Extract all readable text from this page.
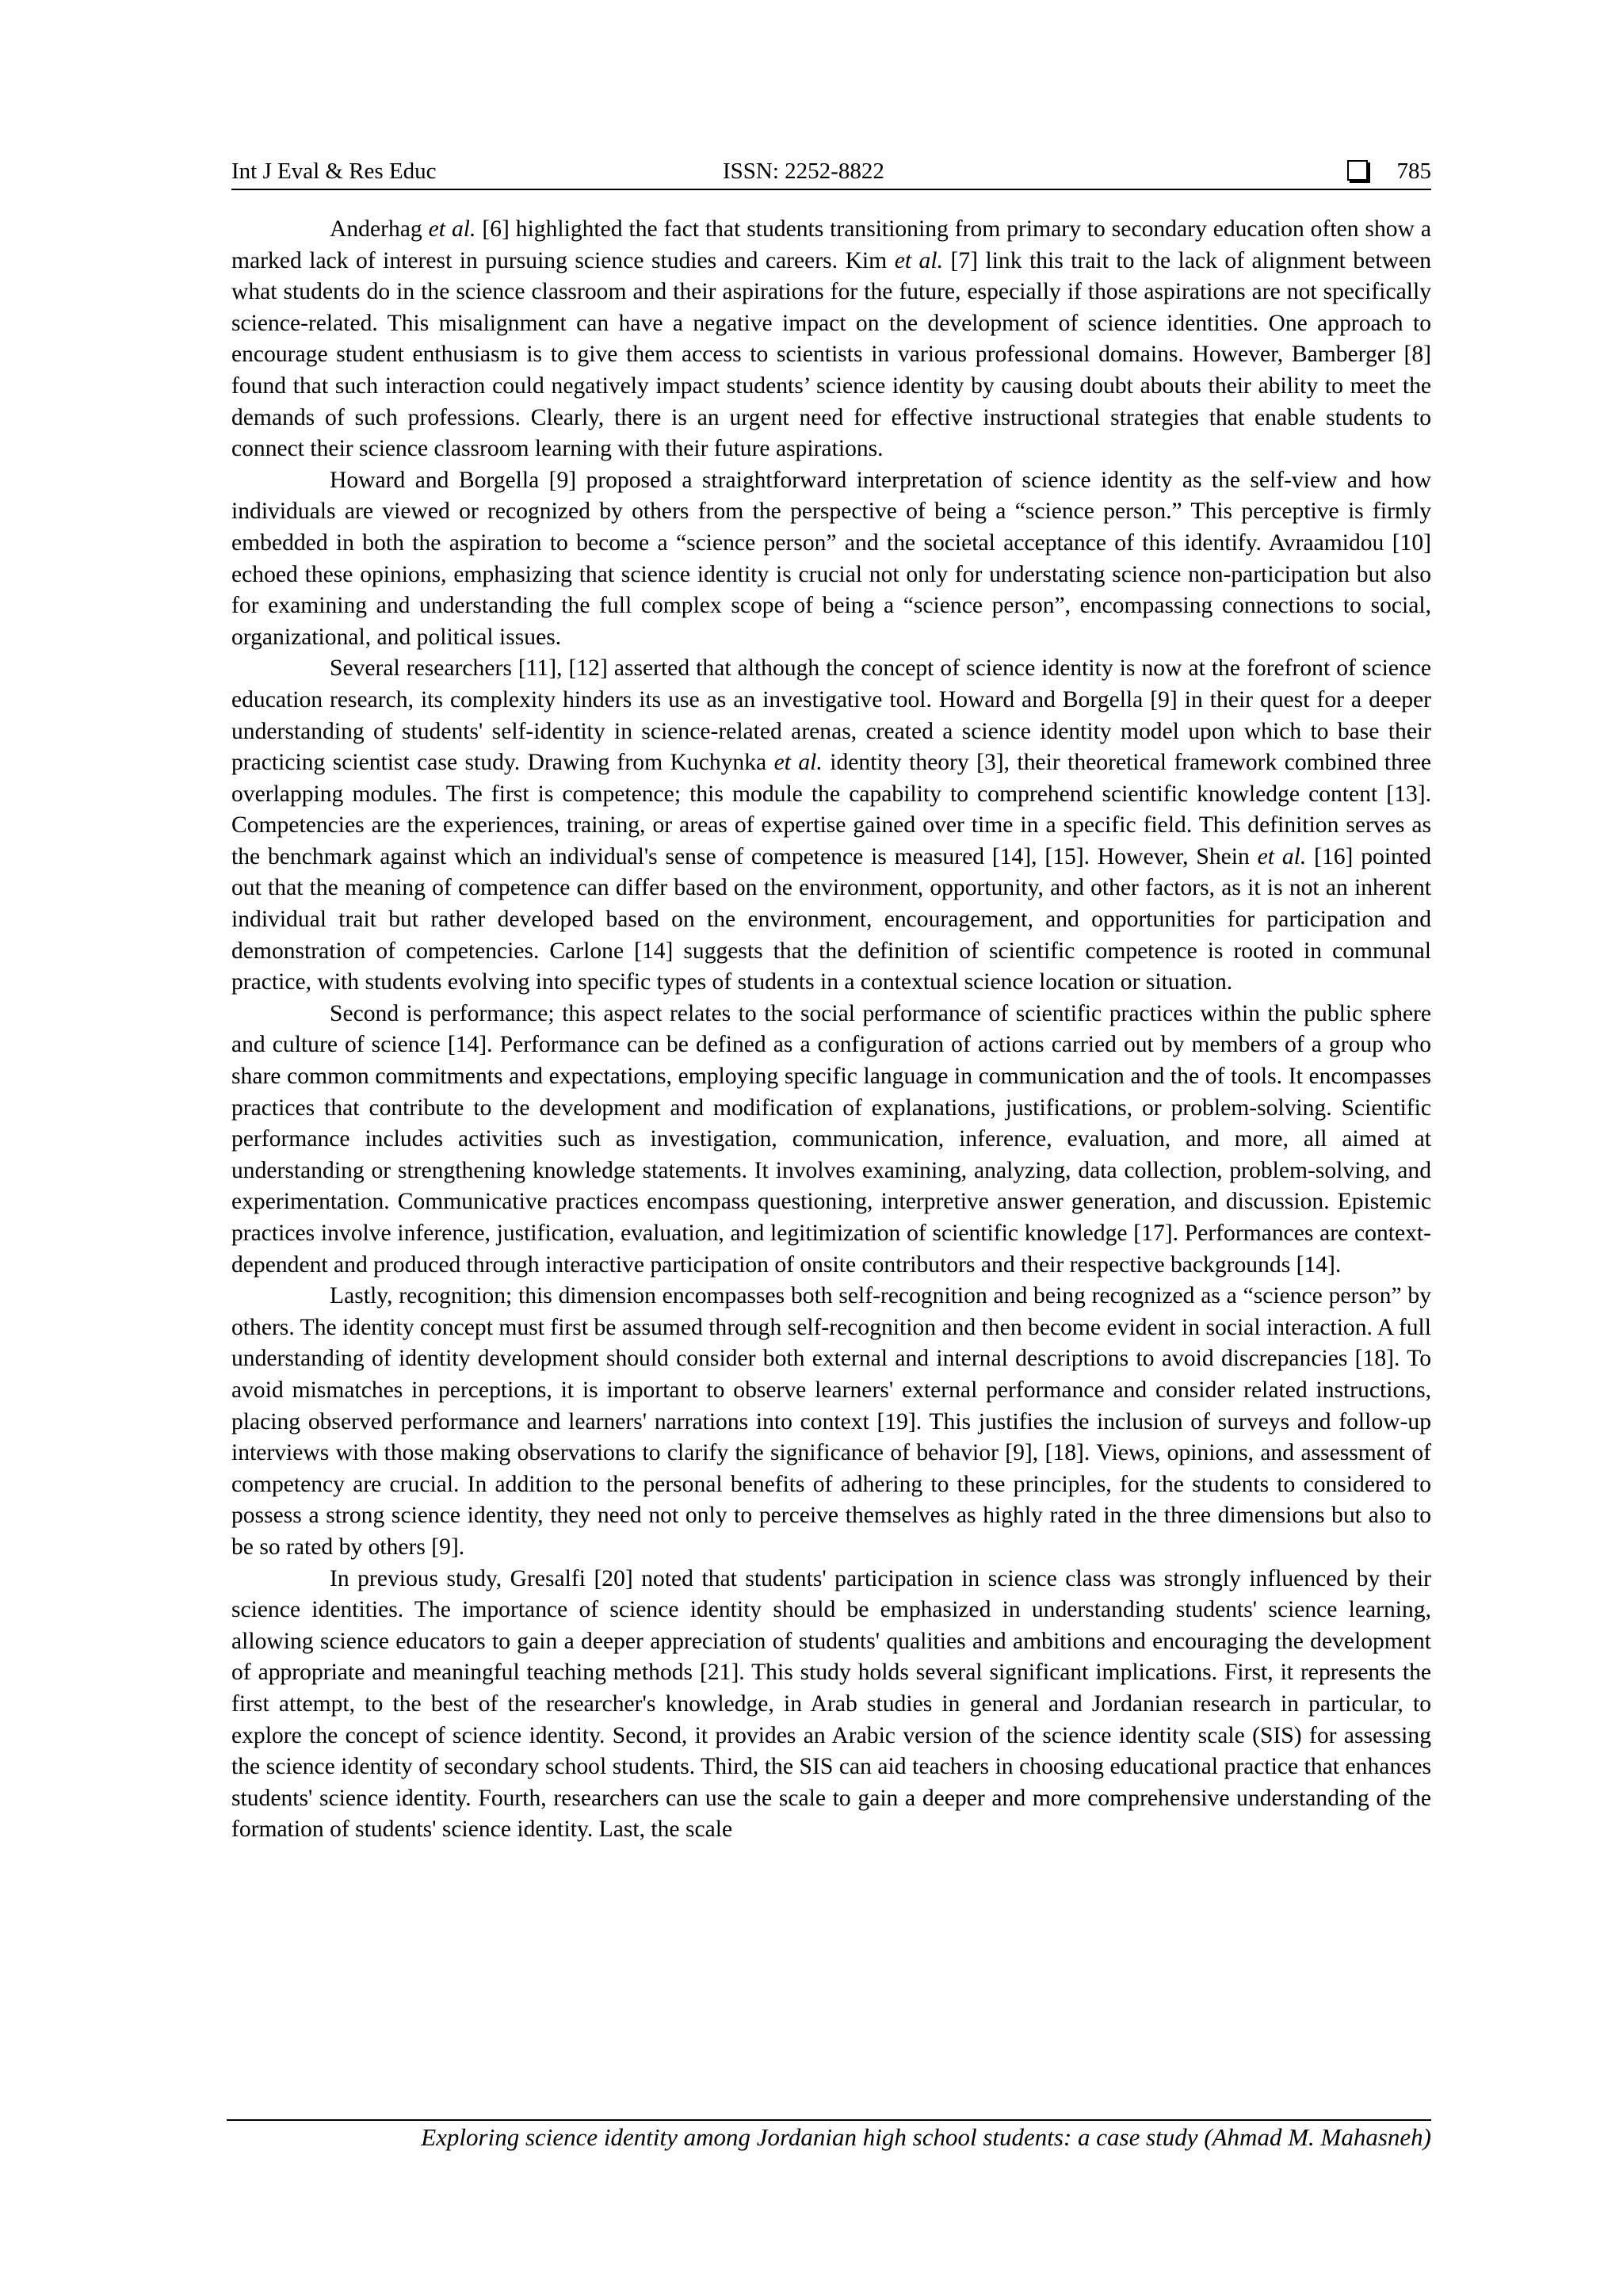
Int J Eval & Res Educ	ISSN: 2252-8822	785

Anderhag et al. [6] highlighted the fact that students transitioning from primary to secondary education often show a marked lack of interest in pursuing science studies and careers. Kim et al. [7] link this trait to the lack of alignment between what students do in the science classroom and their aspirations for the future, especially if those aspirations are not specifically science-related. This misalignment can have a negative impact on the development of science identities. One approach to encourage student enthusiasm is to give them access to scientists in various professional domains. However, Bamberger [8] found that such interaction could negatively impact students’ science identity by causing doubt abouts their ability to meet the demands of such professions. Clearly, there is an urgent need for effective instructional strategies that enable students to connect their science classroom learning with their future aspirations.

Howard and Borgella [9] proposed a straightforward interpretation of science identity as the self-view and how individuals are viewed or recognized by others from the perspective of being a “science person.” This perceptive is firmly embedded in both the aspiration to become a “science person” and the societal acceptance of this identify. Avraamidou [10] echoed these opinions, emphasizing that science identity is crucial not only for understating science non-participation but also for examining and understanding the full complex scope of being a “science person”, encompassing connections to social, organizational, and political issues.

Several researchers [11], [12] asserted that although the concept of science identity is now at the forefront of science education research, its complexity hinders its use as an investigative tool. Howard and Borgella [9] in their quest for a deeper understanding of students' self-identity in science-related arenas, created a science identity model upon which to base their practicing scientist case study. Drawing from Kuchynka et al. identity theory [3], their theoretical framework combined three overlapping modules. The first is competence; this module the capability to comprehend scientific knowledge content [13]. Competencies are the experiences, training, or areas of expertise gained over time in a specific field. This definition serves as the benchmark against which an individual's sense of competence is measured [14], [15]. However, Shein et al. [16] pointed out that the meaning of competence can differ based on the environment, opportunity, and other factors, as it is not an inherent individual trait but rather developed based on the environment, encouragement, and opportunities for participation and demonstration of competencies. Carlone [14] suggests that the definition of scientific competence is rooted in communal practice, with students evolving into specific types of students in a contextual science location or situation.

Second is performance; this aspect relates to the social performance of scientific practices within the public sphere and culture of science [14]. Performance can be defined as a configuration of actions carried out by members of a group who share common commitments and expectations, employing specific language in communication and the of tools. It encompasses practices that contribute to the development and modification of explanations, justifications, or problem-solving. Scientific performance includes activities such as investigation, communication, inference, evaluation, and more, all aimed at understanding or strengthening knowledge statements. It involves examining, analyzing, data collection, problem-solving, and experimentation. Communicative practices encompass questioning, interpretive answer generation, and discussion. Epistemic practices involve inference, justification, evaluation, and legitimization of scientific knowledge [17]. Performances are context-dependent and produced through interactive participation of onsite contributors and their respective backgrounds [14].

Lastly, recognition; this dimension encompasses both self-recognition and being recognized as a “science person” by others. The identity concept must first be assumed through self-recognition and then become evident in social interaction. A full understanding of identity development should consider both external and internal descriptions to avoid discrepancies [18]. To avoid mismatches in perceptions, it is important to observe learners' external performance and consider related instructions, placing observed performance and learners' narrations into context [19]. This justifies the inclusion of surveys and follow-up interviews with those making observations to clarify the significance of behavior [9], [18]. Views, opinions, and assessment of competency are crucial. In addition to the personal benefits of adhering to these principles, for the students to considered to possess a strong science identity, they need not only to perceive themselves as highly rated in the three dimensions but also to be so rated by others [9].

In previous study, Gresalfi [20] noted that students' participation in science class was strongly influenced by their science identities. The importance of science identity should be emphasized in understanding students' science learning, allowing science educators to gain a deeper appreciation of students' qualities and ambitions and encouraging the development of appropriate and meaningful teaching methods [21]. This study holds several significant implications. First, it represents the first attempt, to the best of the researcher's knowledge, in Arab studies in general and Jordanian research in particular, to explore the concept of science identity. Second, it provides an Arabic version of the science identity scale (SIS) for assessing the science identity of secondary school students. Third, the SIS can aid teachers in choosing educational practice that enhances students' science identity. Fourth, researchers can use the scale to gain a deeper and more comprehensive understanding of the formation of students' science identity. Last, the scale

Exploring science identity among Jordanian high school students: a case study (Ahmad M. Mahasneh)
